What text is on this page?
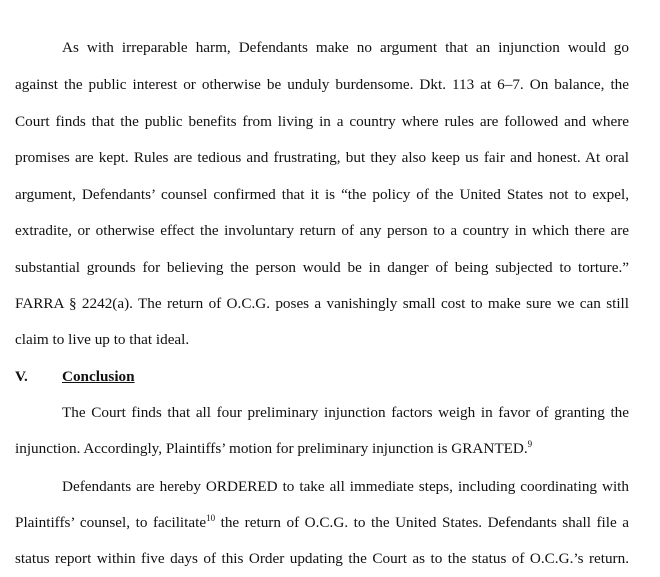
As with irreparable harm, Defendants make no argument that an injunction would go
against the public interest or otherwise be unduly burdensome. Dkt. 113 at 6–7. On balance, the
Court finds that the public benefits from living in a country where rules are followed and where
promises are kept. Rules are tedious and frustrating, but they also keep us fair and honest. At oral
argument, Defendants’ counsel confirmed that it is “the policy of the United States not to expel,
extradite, or otherwise effect the involuntary return of any person to a country in which there are
substantial grounds for believing the person would be in danger of being subjected to torture.”
FARRA § 2242(a). The return of O.C.G. poses a vanishingly small cost to make sure we can still
claim to live up to that ideal.
V. Conclusion
The Court finds that all four preliminary injunction factors weigh in favor of granting the
injunction. Accordingly, Plaintiffs’ motion for preliminary injunction is GRANTED.$^9$
Defendants are hereby ORDERED to take all immediate steps, including coordinating with
Plaintiffs’ counsel, to facilitate$^{10}$ the return of O.C.G. to the United States. Defendants shall file a
status report within five days of this Order updating the Court as to the status of O.C.G.’s return.
